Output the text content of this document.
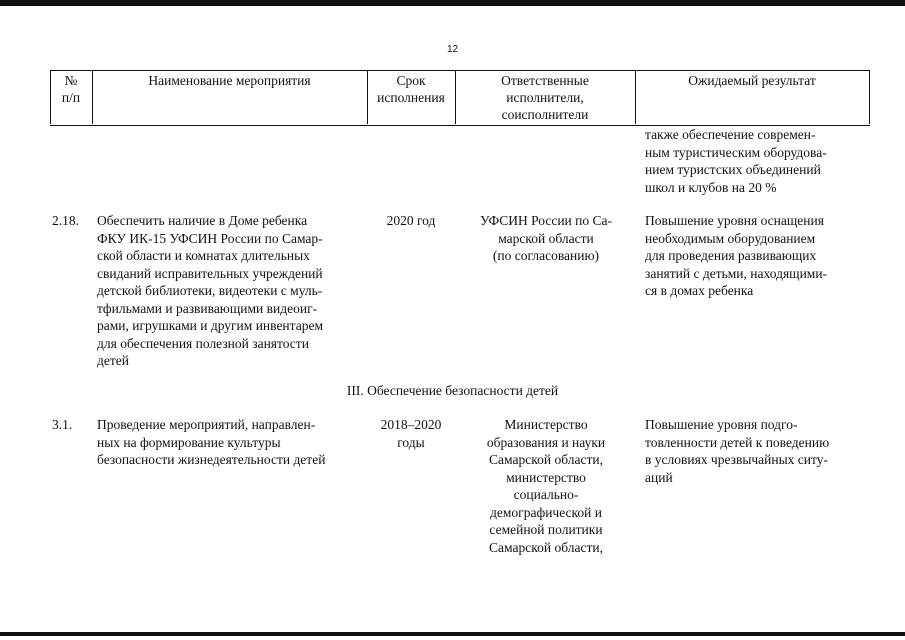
12
№
п/п
Наименование мероприятия	Срок
исполнения
Ответственные
исполнители,
соисполнители
Ожидаемый результат
также обеспечение современ-
ным туристическим оборудова-
нием туристских объединений
школ и клубов на 20 %
2.18. Обеспечить наличие в Доме ребенка
ФКУ ИК-15 УФСИН России по Самар-
ской области и комнатах длительных
свиданий исправительных учреждений
детской библиотеки, видеотеки с муль-
тфильмами и развивающими видеоиг-
рами, игрушками и другим инвентарем
для обеспечения полезной занятости
детей
2020 год	УФСИН России по Са-
марской области
(по согласованию)
Повышение уровня оснащения
необходимым оборудованием
для проведения развивающих
занятий с детьми, находящими-
ся в домах ребенка
III. Обеспечение безопасности детей
3.1. Проведение мероприятий, направлен-
ных на формирование культуры
безопасности жизнедеятельности детей
2018–2020
годы
Министерство
образования и науки
Самарской области,
министерство
социально-
демографической и
семейной политики
Самарской области,
Повышение уровня подго-
товленности детей к поведению
в условиях чрезвычайных ситу-
аций
